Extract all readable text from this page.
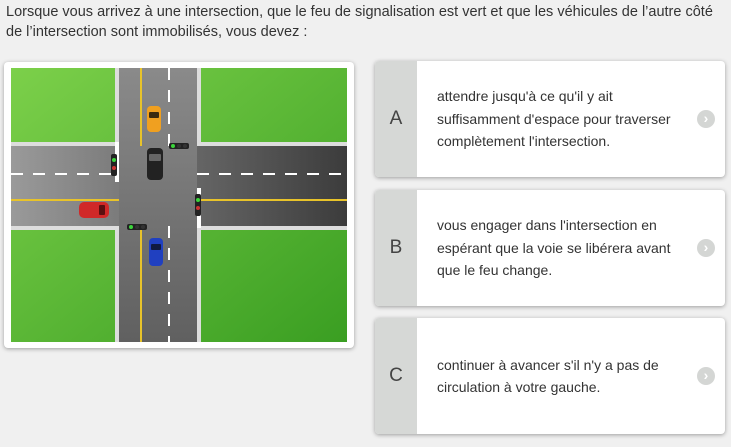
Lorsque vous arrivez à une intersection, que le feu de signalisation est vert et que les véhicules de l’autre côté de l’intersection sont immobilisés, vous devez :
A
attendre jusqu'à ce qu'il y ait suffisamment d'espace pour traverser complètement l'intersection.
›
B
vous engager dans l'intersection en espérant que la voie se libérera avant que le feu change.
›
C
continuer à avancer s'il n'y a pas de circulation à votre gauche.
›
